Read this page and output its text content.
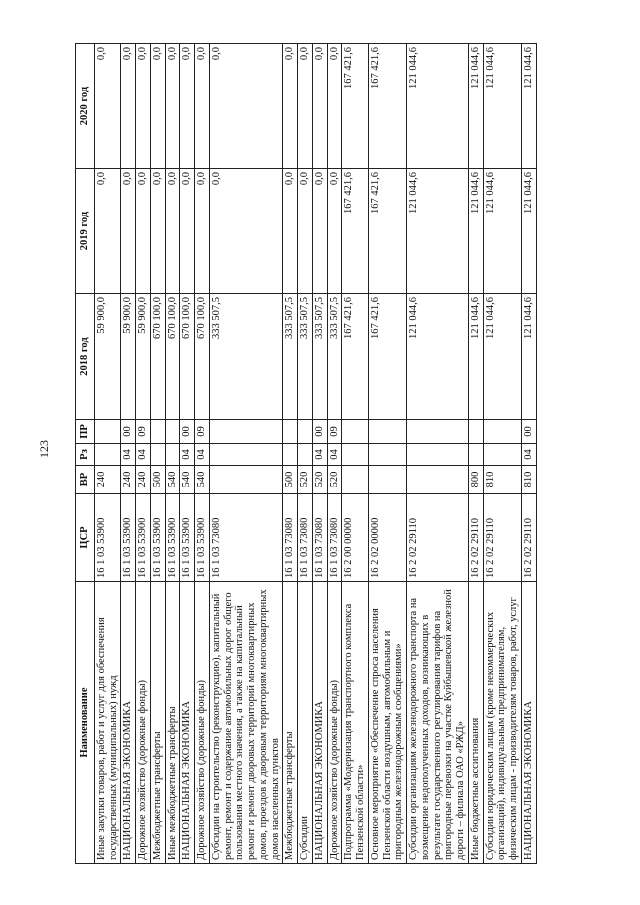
123
Наименование	ЦСР	ВР	Рз	ПР	2018 год	2019 год	2020 год
Иные закупки товаров, работ и услуг для обеспечения государственных (муниципальных) нужд	16 1 03 53900	240			59 900,0	0,0	0,0
НАЦИОНАЛЬНАЯ ЭКОНОМИКА	16 1 03 53900	240	04	00	59 900,0	0,0	0,0
Дорожное хозяйство (дорожные фонды)	16 1 03 53900	240	04	09	59 900,0	0,0	0,0
Межбюджетные трансферты	16 1 03 53900	500			670 100,0	0,0	0,0
Иные межбюджетные трансферты	16 1 03 53900	540			670 100,0	0,0	0,0
НАЦИОНАЛЬНАЯ ЭКОНОМИКА	16 1 03 53900	540	04	00	670 100,0	0,0	0,0
Дорожное хозяйство (дорожные фонды)	16 1 03 53900	540	04	09	670 100,0	0,0	0,0
Субсидии на строительство (реконструкцию), капитальный ремонт, ремонт и содержание автомобильных дорог общего пользования местного значения, а также на капитальный ремонт и ремонт дворовых территорий многоквартирных домов, проездов к дворовым территориям многоквартирных домов населенных пунктов	16 1 03 73080				333 507,5	0,0	0,0
Межбюджетные трансферты	16 1 03 73080	500			333 507,5	0,0	0,0
Субсидии	16 1 03 73080	520			333 507,5	0,0	0,0
НАЦИОНАЛЬНАЯ ЭКОНОМИКА	16 1 03 73080	520	04	00	333 507,5	0,0	0,0
Дорожное хозяйство (дорожные фонды)	16 1 03 73080	520	04	09	333 507,5	0,0	0,0
Подпрограмма «Модернизация транспортного комплекса Пензенской области»	16 2 00 00000				167 421,6	167 421,6	167 421,6
Основное мероприятие «Обеспечение спроса населения Пензенской области воздушным, автомобильным и пригородным железнодорожным сообщениями»	16 2 02 00000				167 421,6	167 421,6	167 421,6
Субсидии организациям железнодорожного транспорта на возмещение недополученных доходов, возникающих в результате государственного регулирования тарифов на пригородные перевозки на участке Куйбышевской железной дороги – филиала ОАО «РЖД»	16 2 02 29110				121 044,6	121 044,6	121 044,6
Иные бюджетные ассигнования	16 2 02 29110	800			121 044,6	121 044,6	121 044,6
Субсидии юридическим лицам (кроме некоммерческих организаций), индивидуальным предпринимателям, физическим лицам - производителям товаров, работ, услуг	16 2 02 29110	810			121 044,6	121 044,6	121 044,6
НАЦИОНАЛЬНАЯ ЭКОНОМИКА	16 2 02 29110	810	04	00	121 044,6	121 044,6	121 044,6
